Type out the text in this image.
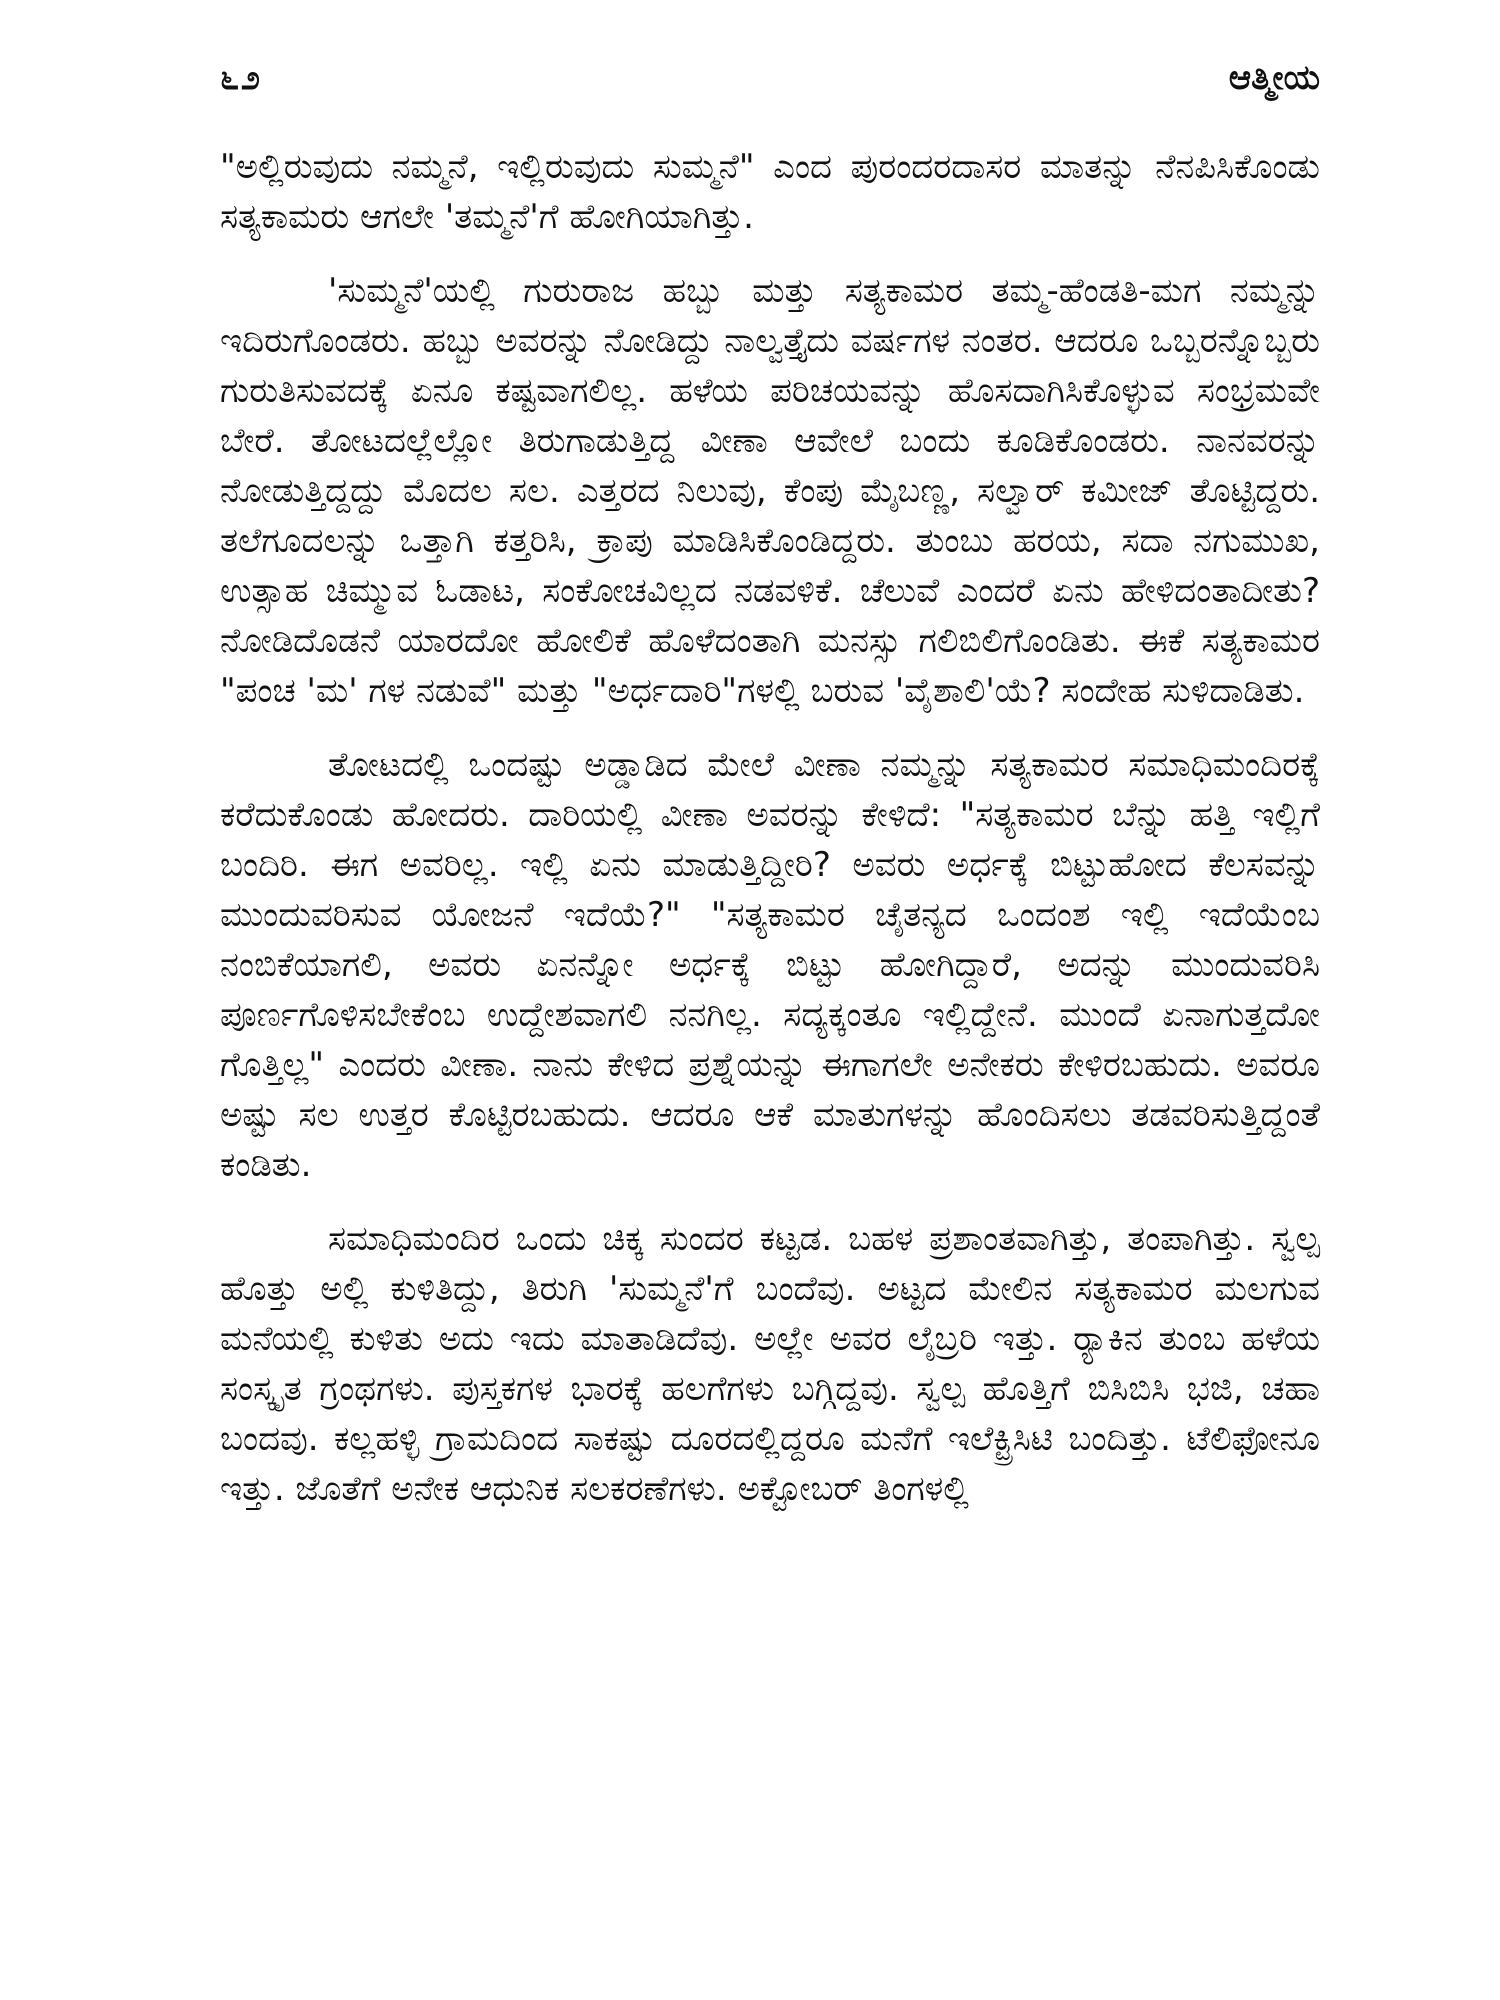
೬೨	ಆತ್ಮೀಯ

"ಅಲ್ಲಿರುವುದು ನಮ್ಮನೆ, ಇಲ್ಲಿರುವುದು ಸುಮ್ಮನೆ" ಎಂದ ಪುರಂದರದಾಸರ ಮಾತನ್ನು ನೆನಪಿಸಿಕೊಂಡು ಸತ್ಯಕಾಮರು ಆಗಲೇ 'ತಮ್ಮನೆ'ಗೆ ಹೋಗಿಯಾಗಿತ್ತು.

'ಸುಮ್ಮನೆ'ಯಲ್ಲಿ ಗುರುರಾಜ ಹಬ್ಬು ಮತ್ತು ಸತ್ಯಕಾಮರ ತಮ್ಮ-ಹೆಂಡತಿ-ಮಗ ನಮ್ಮನ್ನು ಇದಿರುಗೊಂಡರು. ಹಬ್ಬು ಅವರನ್ನು ನೋಡಿದ್ದು ನಾಲ್ವತ್ತೈದು ವರ್ಷಗಳ ನಂತರ. ಆದರೂ ಒಬ್ಬರನ್ನೊಬ್ಬರು ಗುರುತಿಸುವದಕ್ಕೆ ಏನೂ ಕಷ್ಟವಾಗಲಿಲ್ಲ. ಹಳೆಯ ಪರಿಚಯವನ್ನು ಹೊಸದಾಗಿಸಿಕೊಳ್ಳುವ ಸಂಭ್ರಮವೇ ಬೇರೆ. ತೋಟದಲ್ಲೆಲ್ಲೋ ತಿರುಗಾಡುತ್ತಿದ್ದ ವೀಣಾ ಆವೇಲೆ ಬಂದು ಕೂಡಿಕೊಂಡರು. ನಾನವರನ್ನು ನೋಡುತ್ತಿದ್ದದ್ದು ಮೊದಲ ಸಲ. ಎತ್ತರದ ನಿಲುವು, ಕೆಂಪು ಮೈಬಣ್ಣ, ಸಲ್ವಾರ್ ಕಮೀಜ್ ತೊಟ್ಟಿದ್ದರು. ತಲೆಗೂದಲನ್ನು ಒತ್ತಾಗಿ ಕತ್ತರಿಸಿ, ಕ್ರಾಪು ಮಾಡಿಸಿಕೊಂಡಿದ್ದರು. ತುಂಬು ಹರಯ, ಸದಾ ನಗುಮುಖ, ಉತ್ಸಾಹ ಚಿಮ್ಮುವ ಓಡಾಟ, ಸಂಕೋಚವಿಲ್ಲದ ನಡವಳಿಕೆ. ಚೆಲುವೆ ಎಂದರೆ ಏನು ಹೇಳಿದಂತಾದೀತು? ನೋಡಿದೊಡನೆ ಯಾರದೋ ಹೋಲಿಕೆ ಹೊಳೆದಂತಾಗಿ ಮನಸ್ಸು ಗಲಿಬಿಲಿಗೊಂಡಿತು. ಈಕೆ ಸತ್ಯಕಾಮರ "ಪಂಚ 'ಮ' ಗಳ ನಡುವೆ" ಮತ್ತು "ಅರ್ಧದಾರಿ"ಗಳಲ್ಲಿ ಬರುವ 'ವೈಶಾಲಿ'ಯೆ? ಸಂದೇಹ ಸುಳಿದಾಡಿತು.

ತೋಟದಲ್ಲಿ ಒಂದಷ್ಟು ಅಡ್ಡಾಡಿದ ಮೇಲೆ ವೀಣಾ ನಮ್ಮನ್ನು ಸತ್ಯಕಾಮರ ಸಮಾಧಿಮಂದಿರಕ್ಕೆ ಕರೆದುಕೊಂಡು ಹೋದರು. ದಾರಿಯಲ್ಲಿ ವೀಣಾ ಅವರನ್ನು ಕೇಳಿದೆ: "ಸತ್ಯಕಾಮರ ಬೆನ್ನು ಹತ್ತಿ ಇಲ್ಲಿಗೆ ಬಂದಿರಿ. ಈಗ ಅವರಿಲ್ಲ. ಇಲ್ಲಿ ಏನು ಮಾಡುತ್ತಿದ್ದೀರಿ? ಅವರು ಅರ್ಧಕ್ಕೆ ಬಿಟ್ಟುಹೋದ ಕೆಲಸವನ್ನು ಮುಂದುವರಿಸುವ ಯೋಜನೆ ಇದೆಯೆ?" "ಸತ್ಯಕಾಮರ ಚೈತನ್ಯದ ಒಂದಂಶ ಇಲ್ಲಿ ಇದೆಯೆಂಬ ನಂಬಿಕೆಯಾಗಲಿ, ಅವರು ಏನನ್ನೋ ಅರ್ಧಕ್ಕೆ ಬಿಟ್ಟು ಹೋಗಿದ್ದಾರೆ, ಅದನ್ನು ಮುಂದುವರಿಸಿ ಪೂರ್ಣಗೊಳಿಸಬೇಕೆಂಬ ಉದ್ದೇಶವಾಗಲಿ ನನಗಿಲ್ಲ. ಸದ್ಯಕ್ಕಂತೂ ಇಲ್ಲಿದ್ದೇನೆ. ಮುಂದೆ ಏನಾಗುತ್ತದೋ ಗೊತ್ತಿಲ್ಲ" ಎಂದರು ವೀಣಾ. ನಾನು ಕೇಳಿದ ಪ್ರಶ್ನೆಯನ್ನು ಈಗಾಗಲೇ ಅನೇಕರು ಕೇಳಿರಬಹುದು. ಅವರೂ ಅಷ್ಟು ಸಲ ಉತ್ತರ ಕೊಟ್ಟಿರಬಹುದು. ಆದರೂ ಆಕೆ ಮಾತುಗಳನ್ನು ಹೊಂದಿಸಲು ತಡವರಿಸುತ್ತಿದ್ದಂತೆ ಕಂಡಿತು.

ಸಮಾಧಿಮಂದಿರ ಒಂದು ಚಿಕ್ಕ ಸುಂದರ ಕಟ್ಟಡ. ಬಹಳ ಪ್ರಶಾಂತವಾಗಿತ್ತು, ತಂಪಾಗಿತ್ತು. ಸ್ವಲ್ಪ ಹೊತ್ತು ಅಲ್ಲಿ ಕುಳಿತಿದ್ದು, ತಿರುಗಿ 'ಸುಮ್ಮನೆ'ಗೆ ಬಂದೆವು. ಅಟ್ಟದ ಮೇಲಿನ ಸತ್ಯಕಾಮರ ಮಲಗುವ ಮನೆಯಲ್ಲಿ ಕುಳಿತು ಅದು ಇದು ಮಾತಾಡಿದೆವು. ಅಲ್ಲೇ ಅವರ ಲೈಬ್ರರಿ ಇತ್ತು. ರ್‍ಯಾಕಿನ ತುಂಬ ಹಳೆಯ ಸಂಸ್ಕೃತ ಗ್ರಂಥಗಳು. ಪುಸ್ತಕಗಳ ಭಾರಕ್ಕೆ ಹಲಗೆಗಳು ಬಗ್ಗಿದ್ದವು. ಸ್ವಲ್ಪ ಹೊತ್ತಿಗೆ ಬಿಸಿಬಿಸಿ ಭಜಿ, ಚಹಾ ಬಂದವು. ಕಲ್ಲಹಳ್ಳಿ ಗ್ರಾಮದಿಂದ ಸಾಕಷ್ಟು ದೂರದಲ್ಲಿದ್ದರೂ ಮನೆಗೆ ಇಲೆಕ್ಟ್ರಿಸಿಟಿ ಬಂದಿತ್ತು. ಟೆಲಿಫೋನೂ ಇತ್ತು. ಜೊತೆಗೆ ಅನೇಕ ಆಧುನಿಕ ಸಲಕರಣೆಗಳು. ಅಕ್ಟೋಬರ್ ತಿಂಗಳಲ್ಲಿ
